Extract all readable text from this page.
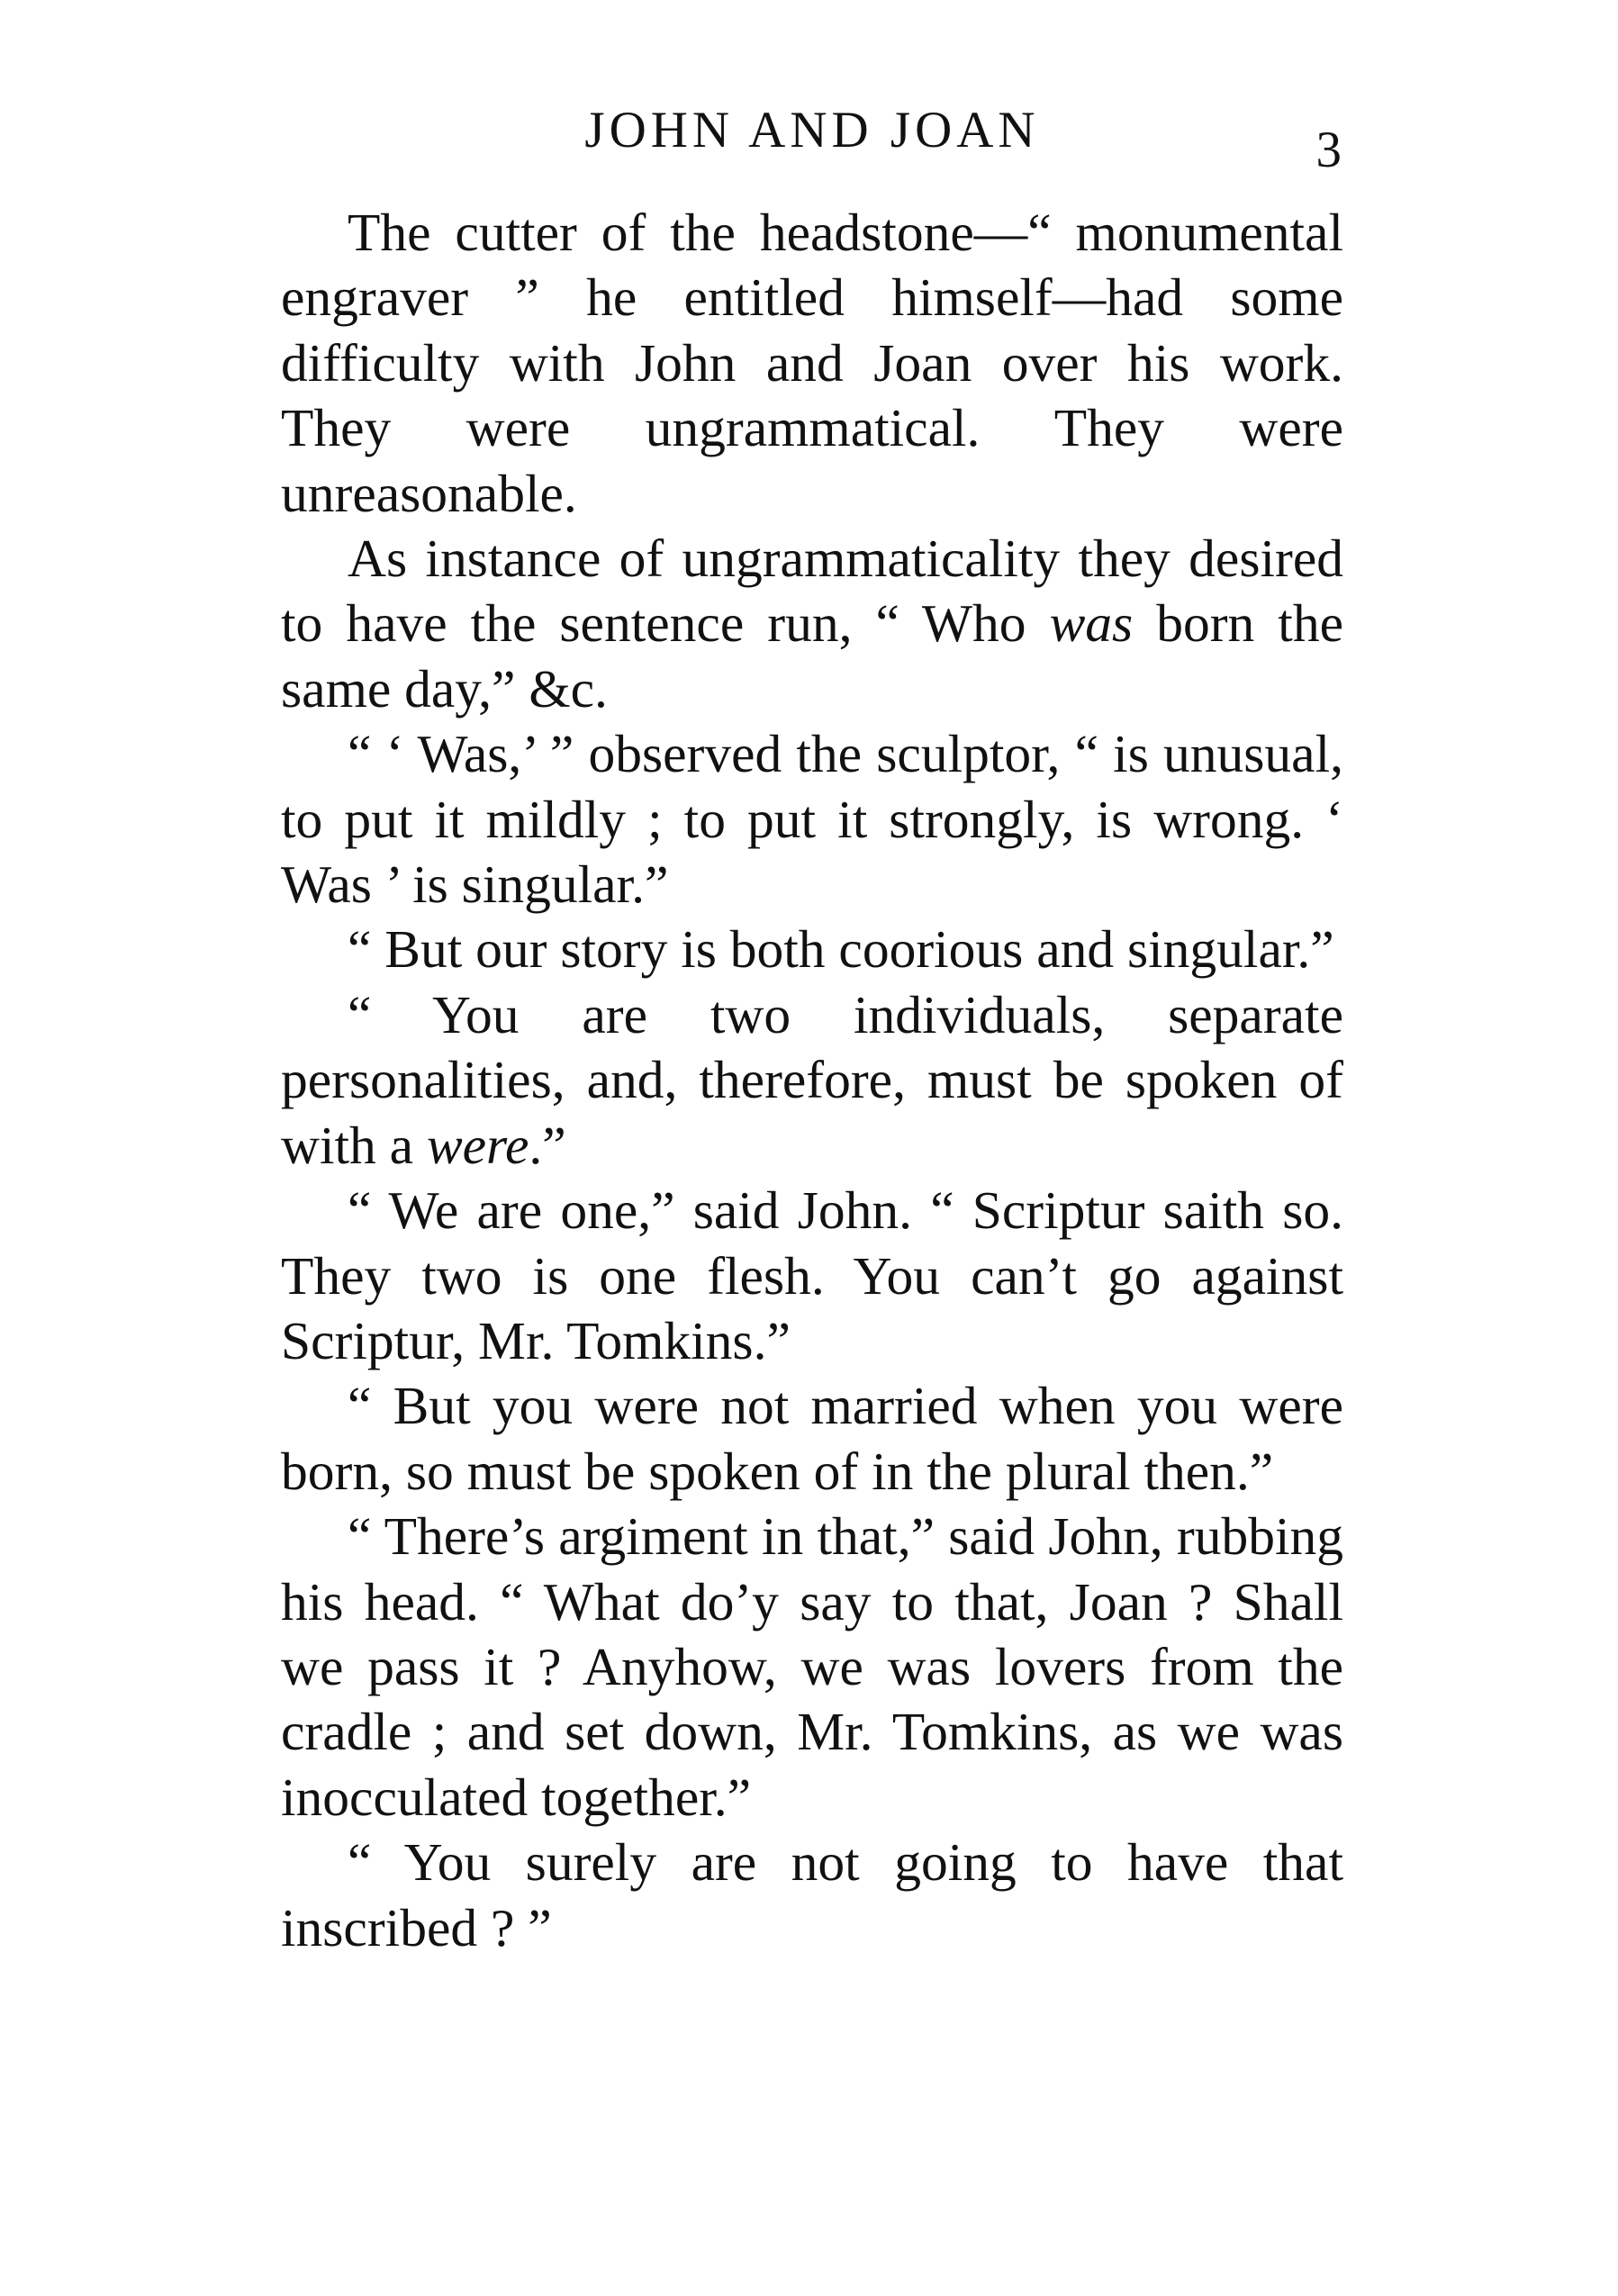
JOHN AND JOAN	3

The cutter of the headstone—“ monumental engraver ” he entitled himself—had some difficulty with John and Joan over his work. They were ungrammatical. They were unreasonable.

As instance of ungrammaticality they desired to have the sentence run, “ Who was born the same day,” &c.

“ ‘ Was,’ ” observed the sculptor, “ is unusual, to put it mildly ; to put it strongly, is wrong. ‘ Was ’ is singular.”

“ But our story is both coorious and singular.”

“ You are two individuals, separate personalities, and, therefore, must be spoken of with a were.”

“ We are one,” said John. “ Scriptur saith so. They two is one flesh. You can’t go against Scriptur, Mr. Tomkins.”

“ But you were not married when you were born, so must be spoken of in the plural then.”

“ There’s argiment in that,” said John, rubbing his head. “ What do’y say to that, Joan ? Shall we pass it ? Anyhow, we was lovers from the cradle ; and set down, Mr. Tomkins, as we was inocculated together.”

“ You surely are not going to have that inscribed ? ”
